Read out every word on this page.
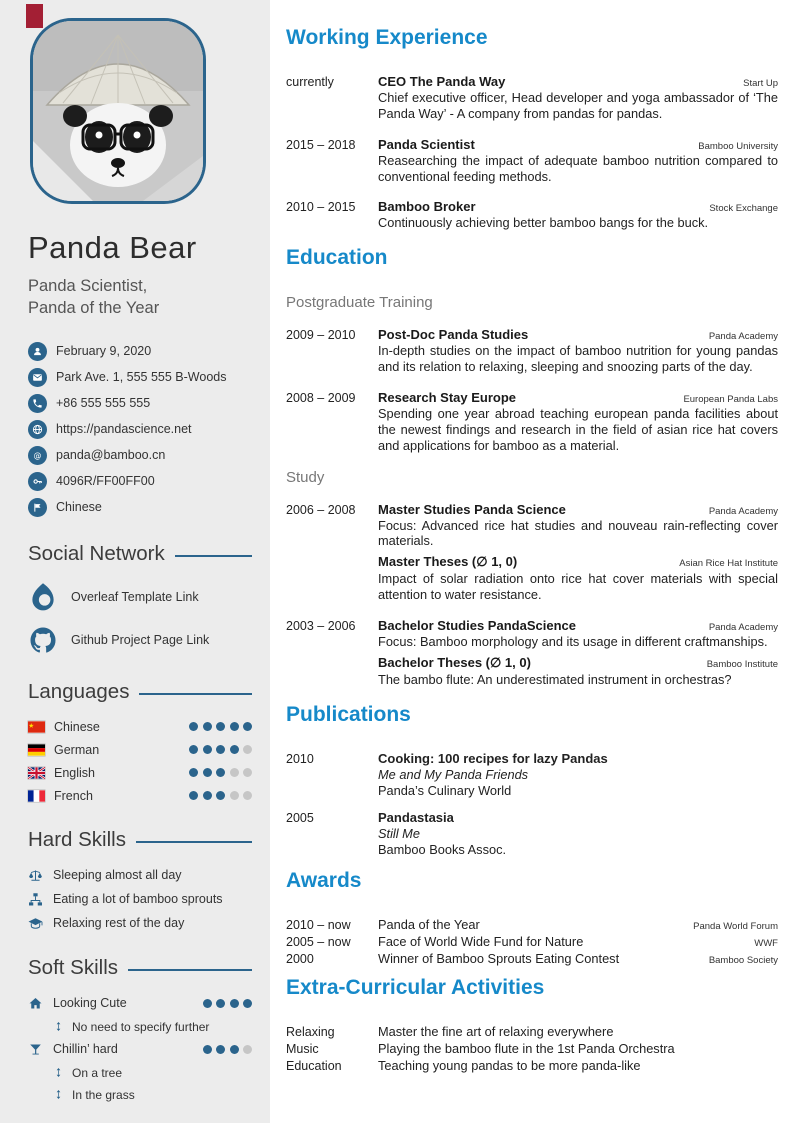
Panda Bear
Panda Scientist,
Panda of the Year
February 9, 2020
Park Ave. 1, 555 555 B-Woods
+86 555 555 555
https://pandascience.net
@ panda@bamboo.cn
4096R/FF00FF00
Chinese
Social Network
Overleaf Template Link
Github Project Page Link
Languages
Chinese
German
English
French
Hard Skills
Sleeping almost all day
Eating a lot of bamboo sprouts
Relaxing rest of the day
Soft Skills
Looking Cute
No need to specify further
Chillin’ hard
On a tree
In the grass
Working Experience
currently	CEO The Panda Way	Start Up
Chief executive officer, Head developer and yoga ambassador of ‘The Panda Way’ - A company from pandas for pandas.
2015 – 2018	Panda Scientist	Bamboo University
Reasearching the impact of adequate bamboo nutrition compared to conventional feeding methods.
2010 – 2015	Bamboo Broker	Stock Exchange
Continuously achieving better bamboo bangs for the buck.
Education
Postgraduate Training
2009 – 2010	Post-Doc Panda Studies	Panda Academy
In-depth studies on the impact of bamboo nutrition for young pandas and its relation to relaxing, sleeping and snoozing parts of the day.
2008 – 2009	Research Stay Europe	European Panda Labs
Spending one year abroad teaching european panda facilities about the newest findings and research in the field of asian rice hat covers and applications for bamboo as a material.
Study
2006 – 2008	Master Studies Panda Science	Panda Academy
Focus: Advanced rice hat studies and nouveau rain-reflecting cover materials.
Master Theses (∅ 1, 0)	Asian Rice Hat Institute
Impact of solar radiation onto rice hat cover materials with special attention to water resistance.
2003 – 2006	Bachelor Studies PandaScience	Panda Academy
Focus: Bamboo morphology and its usage in different craftmanships.
Bachelor Theses (∅ 1, 0)	Bamboo Institute
The bambo flute: An underestimated instrument in orchestras?
Publications
2010	Cooking: 100 recipes for lazy Pandas
Me and My Panda Friends
Panda’s Culinary World
2005	Pandastasia
Still Me
Bamboo Books Assoc.
Awards
2010 – now	Panda of the Year	Panda World Forum
2005 – now	Face of World Wide Fund for Nature	WWF
2000	Winner of Bamboo Sprouts Eating Contest	Bamboo Society
Extra-Curricular Activities
Relaxing	Master the fine art of relaxing everywhere
Music	Playing the bamboo flute in the 1st Panda Orchestra
Education	Teaching young pandas to be more panda-like
